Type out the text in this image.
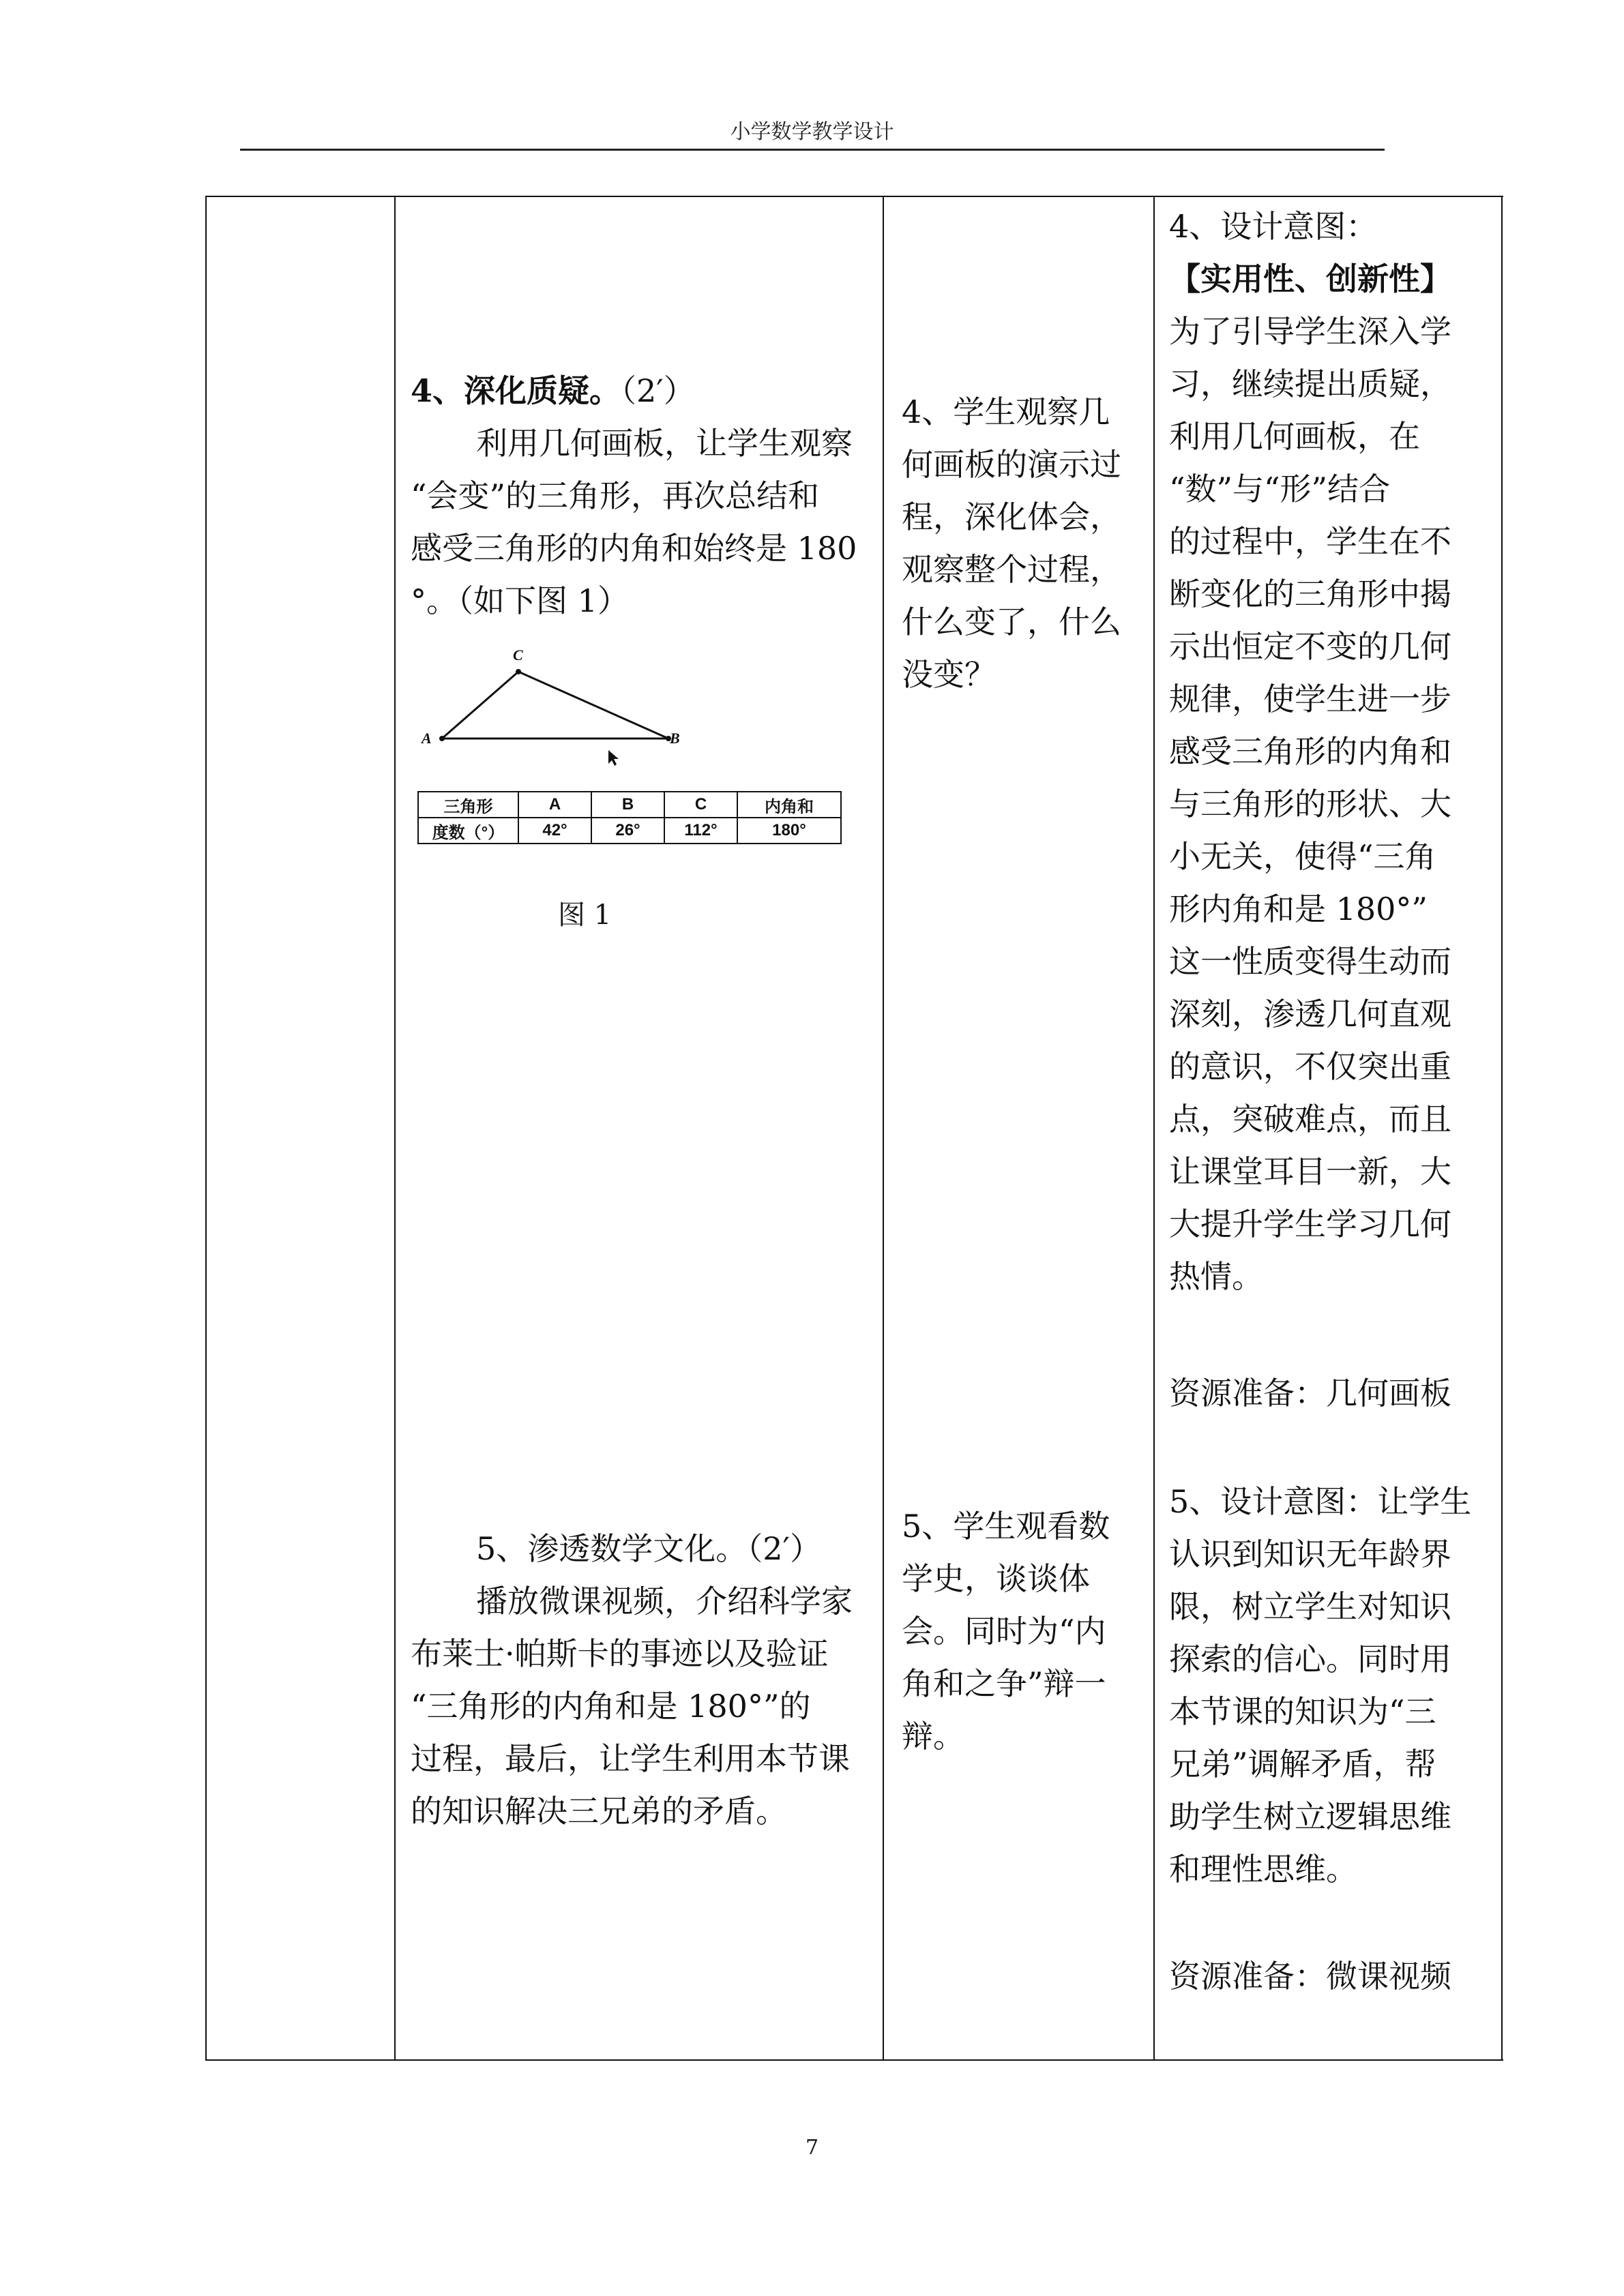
小学数学教学设计
4、深化质疑。（2′）
利用几何画板，让学生观察
“会变”的三角形，再次总结和
感受三角形的内角和始终是 180
°。（如下图 1）
A	B
C
三角形	A	B	C	内角和
度数（°）	42°	26°	112°	180°
图 1
4、学生观察几
何画板的演示过
程，深化体会，
观察整个过程，
什么变了，什么
没变？
4、设计意图：
【实用性、创新性】
为了引导学生深入学
习，继续提出质疑，
利用几何画板，在
“数”与“形”结合
的过程中，学生在不
断变化的三角形中揭
示出恒定不变的几何
规律，使学生进一步
感受三角形的内角和
与三角形的形状、大
小无关，使得“三角
形内角和是 180°”
这一性质变得生动而
深刻，渗透几何直观
的意识，不仅突出重
点，突破难点，而且
让课堂耳目一新，大
大提升学生学习几何
热情。
资源准备：几何画板
5、渗透数学文化。（2′）
播放微课视频，介绍科学家
布莱士·帕斯卡的事迹以及验证
“三角形的内角和是 180°”的
过程，最后，让学生利用本节课
的知识解决三兄弟的矛盾。
5、学生观看数
学史，谈谈体
会。同时为“内
角和之争”辩一
辩。
5、设计意图：让学生
认识到知识无年龄界
限，树立学生对知识
探索的信心。同时用
本节课的知识为“三
兄弟”调解矛盾，帮
助学生树立逻辑思维
和理性思维。
资源准备：微课视频
7
